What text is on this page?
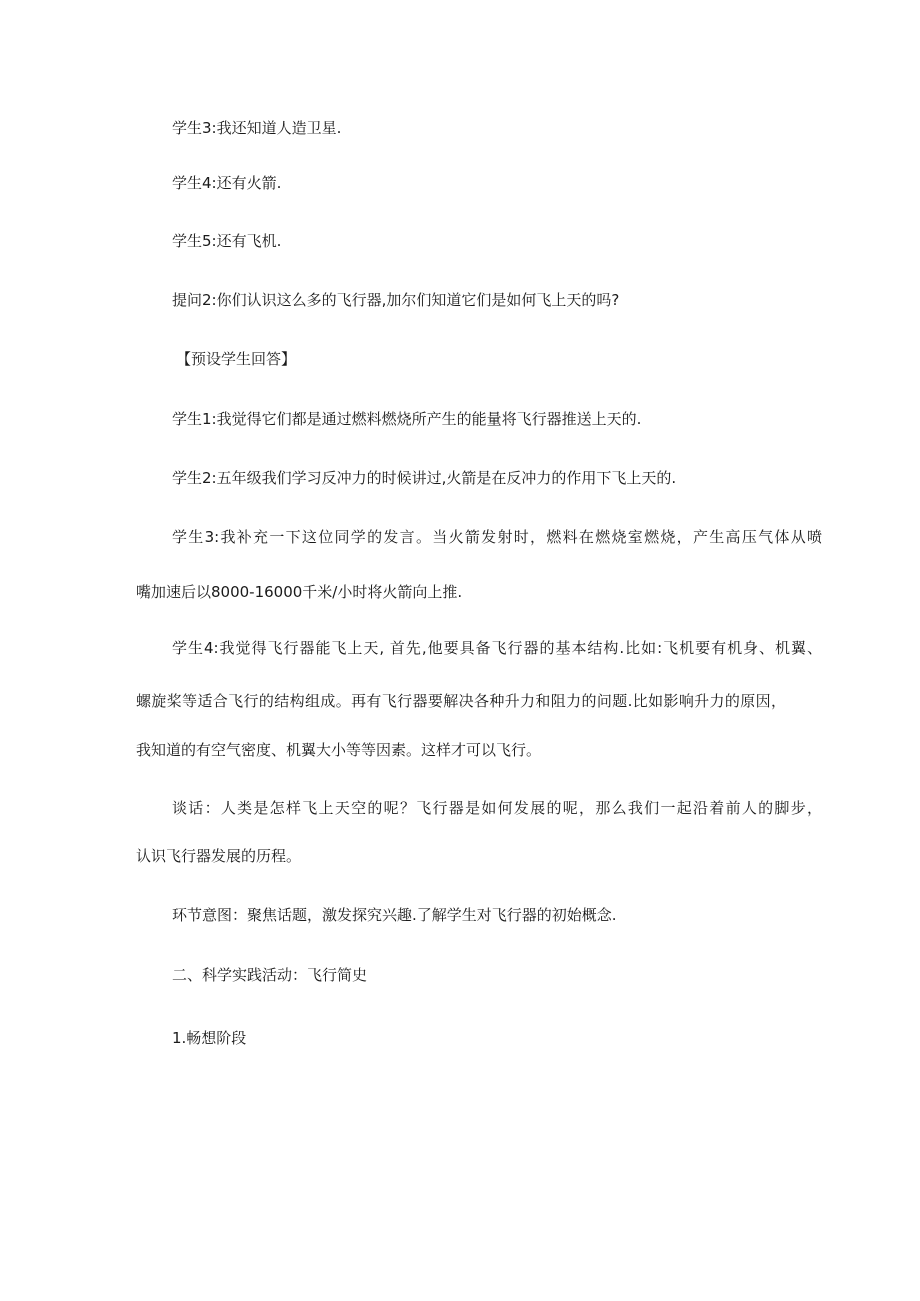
学生3:我还知道人造卫星.
学生4:还有火箭.
学生5:还有飞机.
提问2:你们认识这么多的飞行器,加尔们知道它们是如何飞上天的吗?
【预设学生回答】
学生1:我觉得它们都是通过燃料燃烧所产生的能量将飞行器推送上天的.
学生2:五年级我们学习反冲力的时候讲过,火箭是在反冲力的作用下飞上天的.
学生3:我补充一下这位同学的发言。当火箭发射时，燃料在燃烧室燃烧，产生高压气体从喷
嘴加速后以8000-16000千米/小时将火箭向上推.
学生4:我觉得飞行器能飞上天, 首先,他要具备飞行器的基本结构.比如:飞机要有机身、机翼、
螺旋桨等适合飞行的结构组成。再有飞行器要解决各种升力和阻力的问题.比如影响升力的原因，
我知道的有空气密度、机翼大小等等因素。这样才可以飞行。
谈话：人类是怎样飞上天空的呢？飞行器是如何发展的呢，那么我们一起沿着前人的脚步，
认识飞行器发展的历程。
环节意图：聚焦话题，激发探究兴趣.了解学生对飞行器的初始概念.
二、科学实践活动：飞行简史
1.畅想阶段
